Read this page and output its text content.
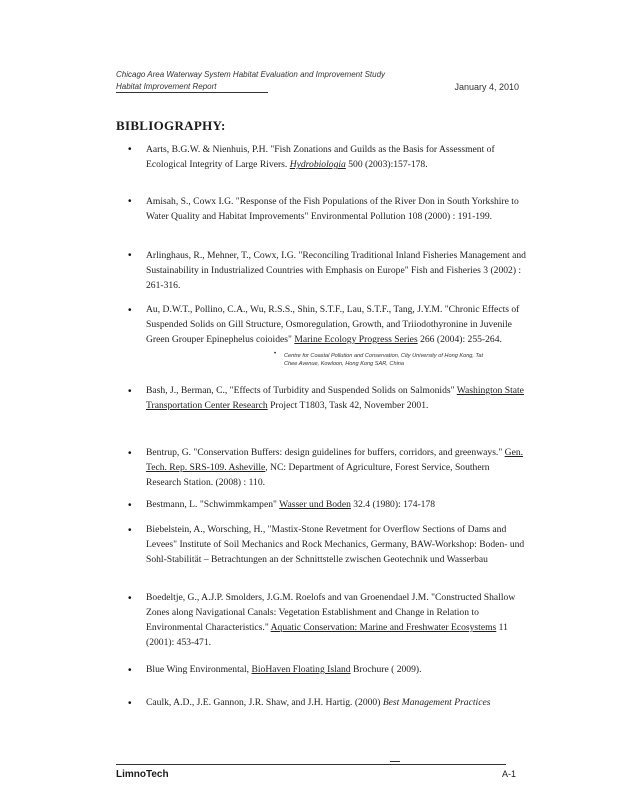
Chicago Area Waterway System Habitat Evaluation and Improvement Study
Habitat Improvement Report	January 4, 2010
BIBLIOGRAPHY:
• Aarts, B.G.W. & Nienhuis, P.H. "Fish Zonations and Guilds as the Basis for Assessment of Ecological Integrity of Large Rivers. Hydrobiologia 500 (2003):157-178.
• Amisah, S., Cowx I.G. "Response of the Fish Populations of the River Don in South Yorkshire to Water Quality and Habitat Improvements" Environmental Pollution 108 (2000) : 191-199.
• Arlinghaus, R., Mehner, T., Cowx, I.G. "Reconciling Traditional Inland Fisheries Management and Sustainability in Industrialized Countries with Emphasis on Europe" Fish and Fisheries 3 (2002) : 261-316.
• Au, D.W.T., Pollino, C.A., Wu, R.S.S., Shin, S.T.F., Lau, S.T.F., Tang, J.Y.M. "Chronic Effects of Suspended Solids on Gill Structure, Osmoregulation, Growth, and Triiodothyronine in Juvenile Green Grouper Epinephelus coioides" Marine Ecology Progress Series 266 (2004): 255-264.
• Centre for Coastal Pollution and Conservation, City University of Hong Kong, Tat Chee Avenue, Kowloon, Hong Kong SAR, China
• Bash, J., Berman, C., "Effects of Turbidity and Suspended Solids on Salmonids" Washington State Transportation Center Research Project T1803, Task 42, November 2001.
• Bentrup, G. "Conservation Buffers: design guidelines for buffers, corridors, and greenways." Gen. Tech. Rep. SRS-109. Asheville, NC: Department of Agriculture, Forest Service, Southern Research Station. (2008) : 110.
• Bestmann, L. "Schwimmkampen" Wasser und Boden 32.4 (1980): 174-178
• Biebelstein, A., Worsching, H., "Mastix-Stone Revetment for Overflow Sections of Dams and Levees" Institute of Soil Mechanics and Rock Mechanics, Germany, BAW-Workshop: Boden- und Sohl-Stabilität – Betrachtungen an der Schnittstelle zwischen Geotechnik und Wasserbau
• Boedeltje, G., A.J.P. Smolders, J.G.M. Roelofs and van Groenendael J.M. "Constructed Shallow Zones along Navigational Canals: Vegetation Establishment and Change in Relation to Environmental Characteristics." Aquatic Conservation: Marine and Freshwater Ecosystems 11 (2001): 453-471.
• Blue Wing Environmental, BioHaven Floating Island Brochure ( 2009).
• Caulk, A.D., J.E. Gannon, J.R. Shaw, and J.H. Hartig. (2000) Best Management Practices
LimnoTech	A-1
